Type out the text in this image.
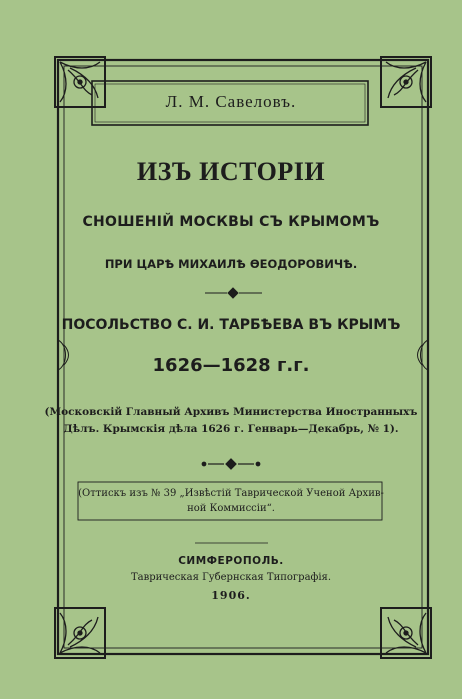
Л. М. Савеловъ.
ИЗЪ ИСТОРIИ
СНОШЕНIЙ МОСКВЫ СЪ КРЫМОМЪ
ПРИ ЦАРѢ МИХАИЛѢ ѲЕОДОРОВИЧѢ.
ПОСОЛЬСТВО С. И. ТАРБѢЕВА ВЪ КРЫМЪ
1626—1628 г.г.
(Московскiй Главный Архивъ Министерства Иностранныхъ
Дѣлъ. Крымскiя дѣла 1626 г. Генварь—Декабрь, № 1).
(Оттискъ изъ № 39 „Извѣстiй Таврической Ученой Архив-
ной Коммиссiи“.
СИМФЕРОПОЛЬ.
Таврическая Губернская Типографiя.
1906.
